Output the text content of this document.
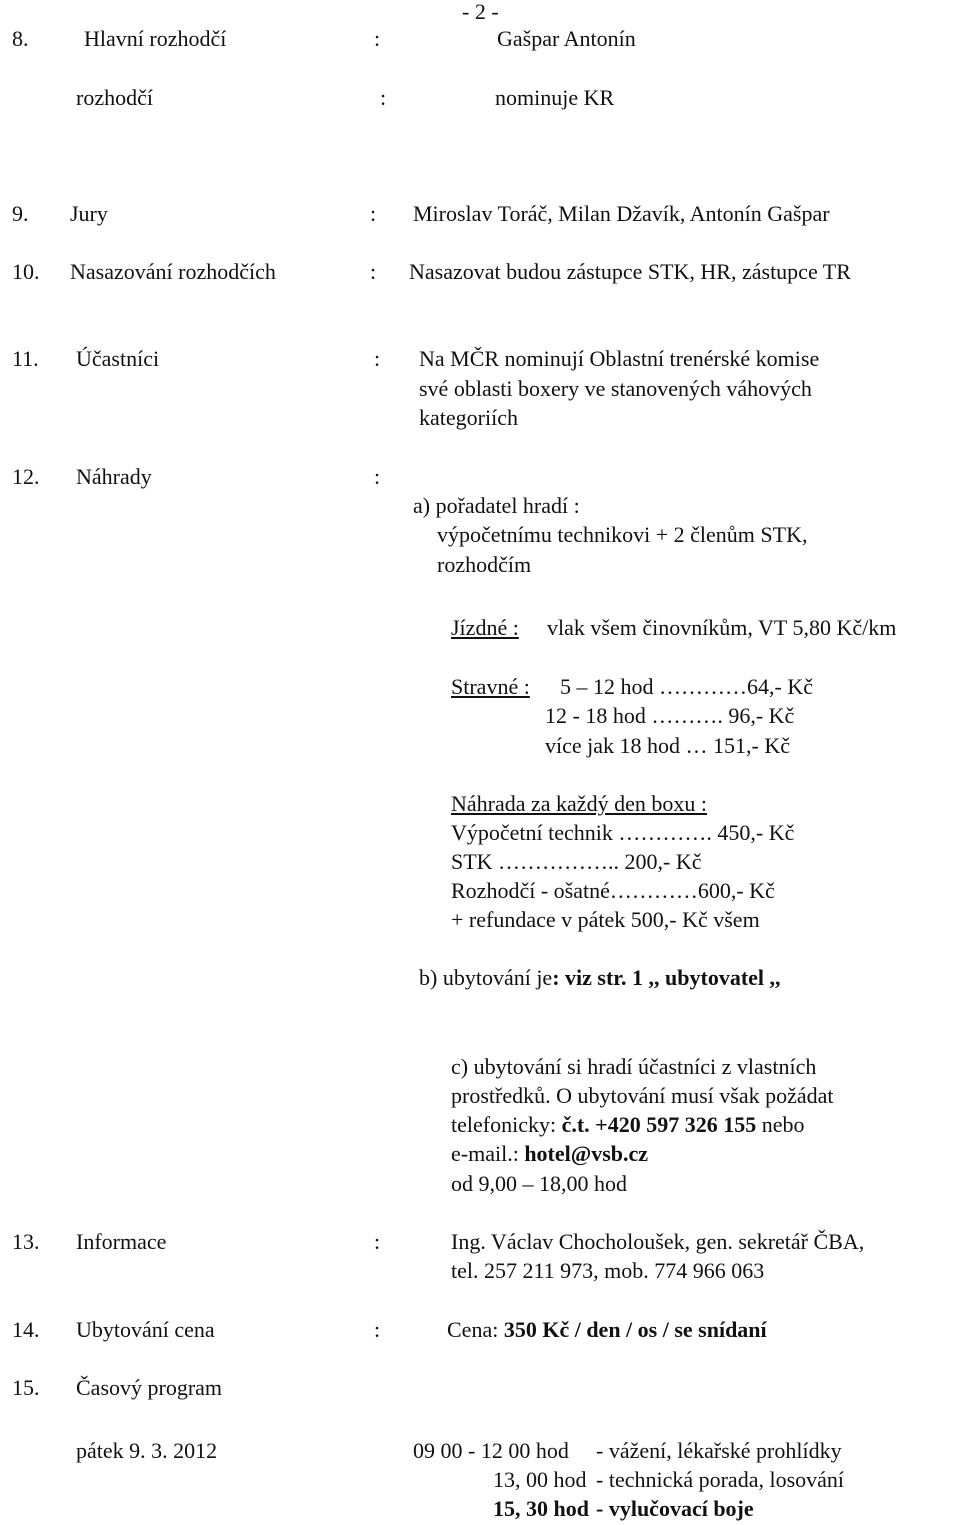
- 2 -
8.	Hlavní rozhodčí	:	Gašpar Antonín
rozhodčí	:	nominuje KR
9. Jury	: Miroslav Toráč, Milan Džavík, Antonín Gašpar
10. Nasazování rozhodčích	: Nasazovat budou zástupce STK, HR, zástupce TR
11. Účastníci	: Na MČR nominují Oblastní trenérské komise
své oblasti boxery ve stanovených váhových
kategoriích
12. Náhrady	:
a) pořadatel hradí :
výpočetnímu technikovi + 2 členům STK,
rozhodčím
Jízdné : vlak všem činovníkům, VT 5,80 Kč/km
Stravné : 5 – 12 hod …………64,- Kč
12 - 18 hod ………. 96,- Kč
více jak 18 hod … 151,- Kč
Náhrada za každý den boxu :
Výpočetní technik …………. 450,- Kč
STK …………….. 200,- Kč
Rozhodčí - ošatné…………600,- Kč
+ refundace v pátek 500,- Kč všem
b) ubytování je: viz str. 1 ,, ubytovatel ,,
c) ubytování si hradí účastníci z vlastních
prostředků. O ubytování musí však požádat
telefonicky: č.t. +420 597 326 155 nebo
e-mail.: hotel@vsb.cz
od 9,00 – 18,00 hod
13. Informace	:	Ing. Václav Chocholoušek, gen. sekretář ČBA,
tel. 257 211 973, mob. 774 966 063
14. Ubytování cena	:	Cena: 350 Kč / den / os / se snídaní
15. Časový program
pátek 9. 3. 2012	09 00 - 12 00 hod - vážení, lékařské prohlídky
13, 00 hod - technická porada, losování
15, 30 hod - vylučovací boje
